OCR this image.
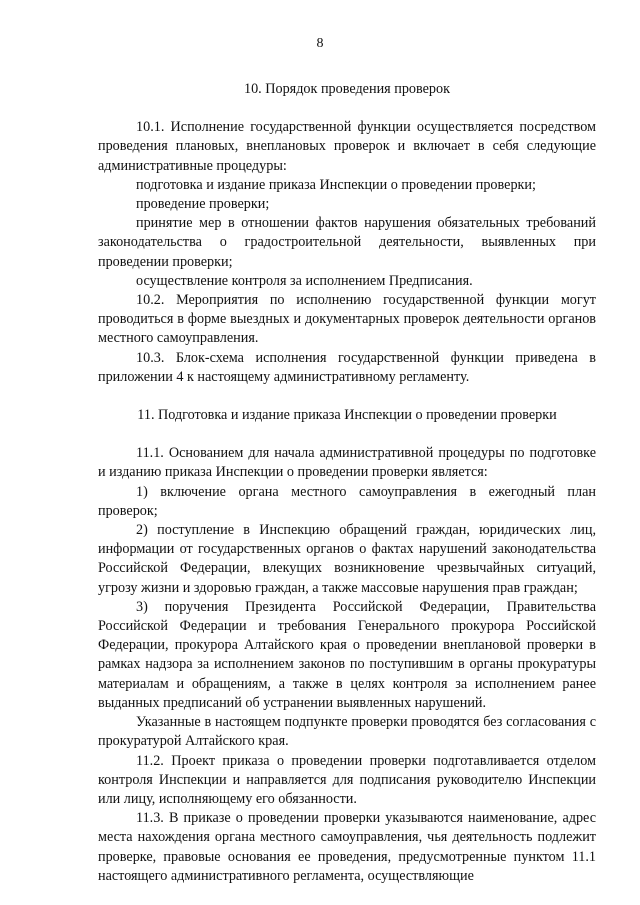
8

10. Порядок проведения проверок

10.1. Исполнение государственной функции осуществляется посредством проведения плановых, внеплановых проверок и включает в себя следующие административные процедуры:

подготовка и издание приказа Инспекции о проведении проверки;

проведение проверки;

принятие мер в отношении фактов нарушения обязательных требований законодательства о градостроительной деятельности, выявленных при проведении проверки;

осуществление контроля за исполнением Предписания.

10.2. Мероприятия по исполнению государственной функции могут проводиться в форме выездных и документарных проверок деятельности органов местного самоуправления.

10.3. Блок-схема исполнения государственной функции приведена в приложении 4 к настоящему административному регламенту.

11. Подготовка и издание приказа Инспекции о проведении проверки

11.1. Основанием для начала административной процедуры по подготовке и изданию приказа Инспекции о проведении проверки является:

1) включение органа местного самоуправления в ежегодный план проверок;

2) поступление в Инспекцию обращений граждан, юридических лиц, информации от государственных органов о фактах нарушений законодательства Российской Федерации, влекущих возникновение чрезвычайных ситуаций, угрозу жизни и здоровью граждан, а также массовые нарушения прав граждан;

3) поручения Президента Российской Федерации, Правительства Российской Федерации и требования Генерального прокурора Российской Федерации, прокурора Алтайского края о проведении внеплановой проверки в рамках надзора за исполнением законов по поступившим в органы прокуратуры материалам и обращениям, а также в целях контроля за исполнением ранее выданных предписаний об устранении выявленных нарушений.

Указанные в настоящем подпункте проверки проводятся без согласования с прокуратурой Алтайского края.

11.2. Проект приказа о проведении проверки подготавливается отделом контроля Инспекции и направляется для подписания руководителю Инспекции или лицу, исполняющему его обязанности.

11.3. В приказе о проведении проверки указываются наименование, адрес места нахождения органа местного самоуправления, чья деятельность подлежит проверке, правовые основания ее проведения, предусмотренные пунктом 11.1 настоящего административного регламента, осуществляющие
